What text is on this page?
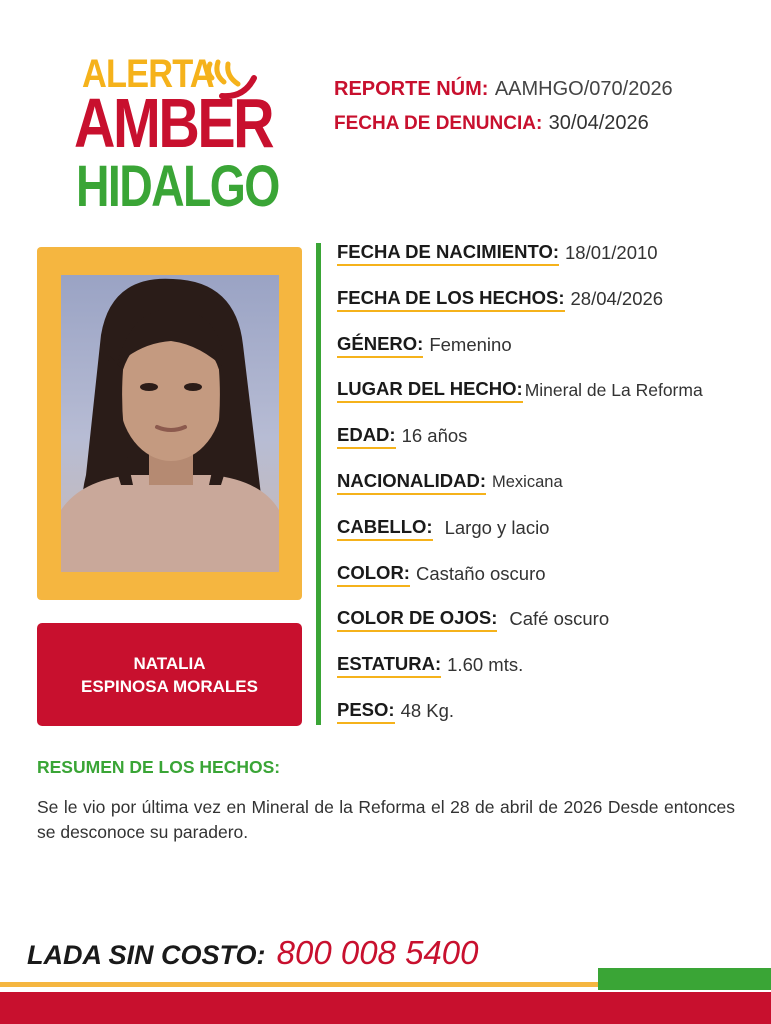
ALERTA
AMBER
HIDALGO
REPORTE NÚM: AAMHGO/070/2026
FECHA DE DENUNCIA: 30/04/2026
NATALIA
ESPINOSA MORALES
FECHA DE NACIMIENTO: 18/01/2010
FECHA DE LOS HECHOS: 28/04/2026
GÉNERO: Femenino
LUGAR DEL HECHO: Mineral de La Reforma
EDAD: 16 años
NACIONALIDAD: Mexicana
CABELLO: Largo y lacio
COLOR: Castaño oscuro
COLOR DE OJOS: Café oscuro
ESTATURA: 1.60 mts.
PESO: 48 Kg.
RESUMEN DE LOS HECHOS:
Se le vio por última vez en Mineral de la Reforma el 28 de abril de 2026 Desde entonces se desconoce su paradero.
LADA SIN COSTO: 800 008 5400
